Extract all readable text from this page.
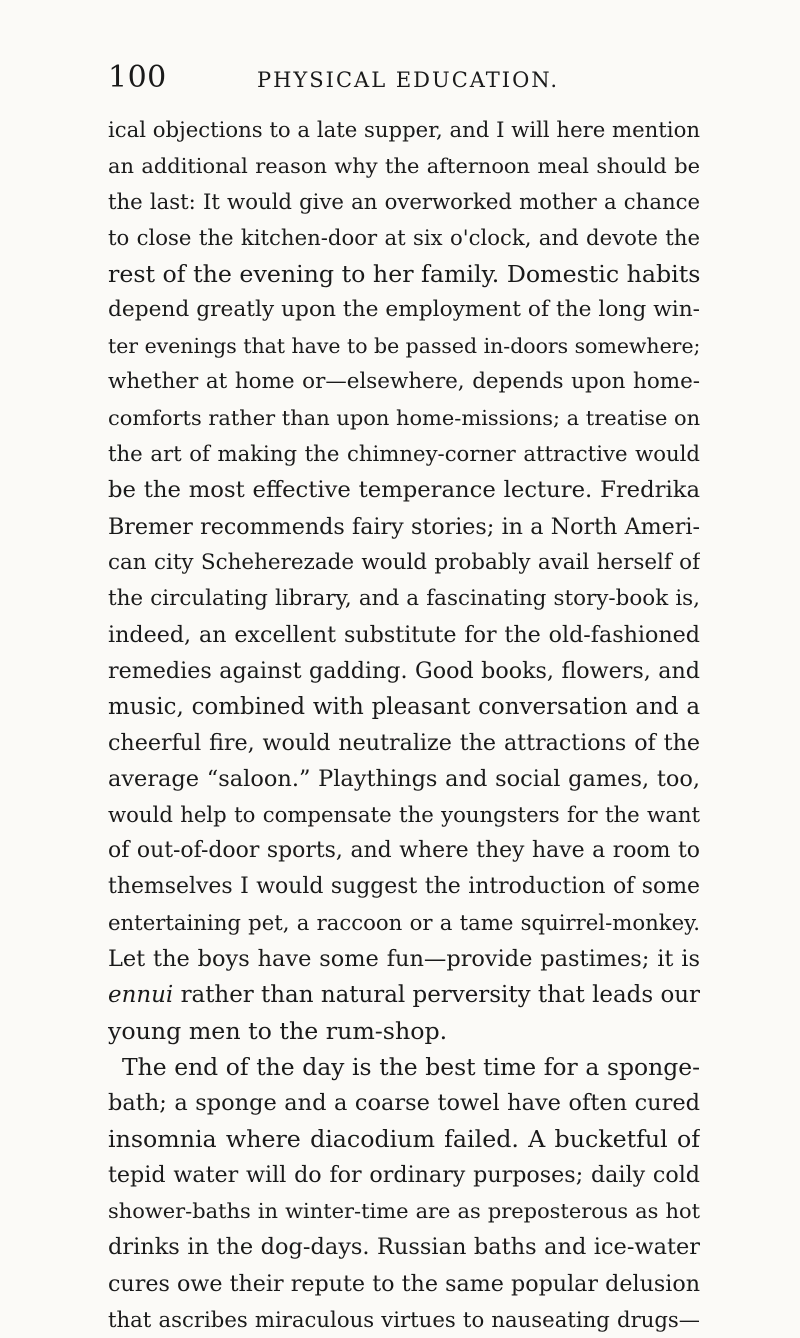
100	PHYSICAL EDUCATION.
ical objections to a late supper, and I will here mention
an additional reason why the afternoon meal should be
the last: It would give an overworked mother a chance
to close the kitchen-door at six o'clock, and devote the
rest of the evening to her family. Domestic habits
depend greatly upon the employment of the long win-
ter evenings that have to be passed in-doors somewhere;
whether at home or—elsewhere, depends upon home-
comforts rather than upon home-missions; a treatise on
the art of making the chimney-corner attractive would
be the most effective temperance lecture. Fredrika
Bremer recommends fairy stories; in a North Ameri-
can city Scheherezade would probably avail herself of
the circulating library, and a fascinating story-book is,
indeed, an excellent substitute for the old-fashioned
remedies against gadding. Good books, flowers, and
music, combined with pleasant conversation and a
cheerful fire, would neutralize the attractions of the
average “saloon.” Playthings and social games, too,
would help to compensate the youngsters for the want
of out-of-door sports, and where they have a room to
themselves I would suggest the introduction of some
entertaining pet, a raccoon or a tame squirrel-monkey.
Let the boys have some fun—provide pastimes; it is
ennui rather than natural perversity that leads our
young men to the rum-shop.
The end of the day is the best time for a sponge-
bath; a sponge and a coarse towel have often cured
insomnia where diacodium failed. A bucketful of
tepid water will do for ordinary purposes; daily cold
shower-baths in winter-time are as preposterous as hot
drinks in the dog-days. Russian baths and ice-water
cures owe their repute to the same popular delusion
that ascribes miraculous virtues to nauseating drugs—
